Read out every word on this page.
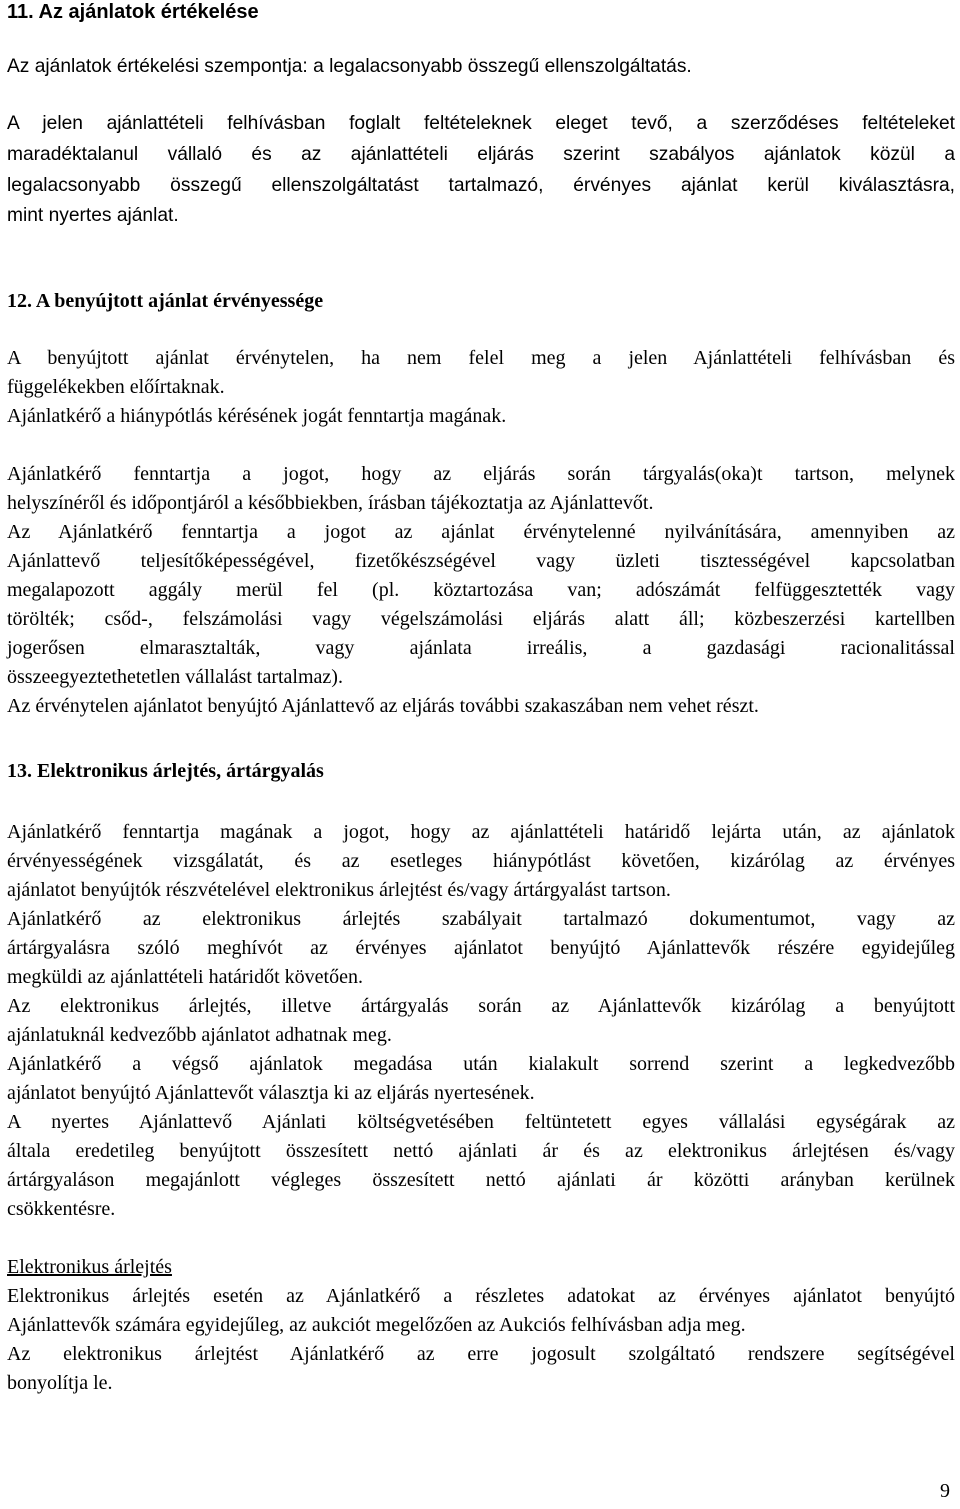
11. Az ajánlatok értékelése
Az ajánlatok értékelési szempontja: a legalacsonyabb összegű ellenszolgáltatás.
A jelen ajánlattételi felhívásban foglalt feltételeknek eleget tevő, a szerződéses feltételeket
maradéktalanul vállaló és az ajánlattételi eljárás szerint szabályos ajánlatok közül a
legalacsonyabb összegű ellenszolgáltatást tartalmazó, érvényes ajánlat kerül kiválasztásra,
mint nyertes ajánlat.
12. A benyújtott ajánlat érvényessége
A benyújtott ajánlat érvénytelen, ha nem felel meg a jelen Ajánlattételi felhívásban és
függelékekben előírtaknak.
Ajánlatkérő a hiánypótlás kérésének jogát fenntartja magának.
Ajánlatkérő fenntartja a jogot, hogy az eljárás során tárgyalás(oka)t tartson, melynek
helyszínéről és időpontjáról a későbbiekben, írásban tájékoztatja az Ajánlattevőt.
Az Ajánlatkérő fenntartja a jogot az ajánlat érvénytelenné nyilvánítására, amennyiben az
Ajánlattevő teljesítőképességével, fizetőkészségével vagy üzleti tisztességével kapcsolatban
megalapozott aggály merül fel (pl. köztartozása van; adószámát felfüggesztették vagy
törölték; csőd-, felszámolási vagy végelszámolási eljárás alatt áll; közbeszerzési kartellben
jogerősen elmarasztalták, vagy ajánlata irreális, a gazdasági racionalitással
összeegyeztethetetlen vállalást tartalmaz).
Az érvénytelen ajánlatot benyújtó Ajánlattevő az eljárás további szakaszában nem vehet részt.
13. Elektronikus árlejtés, ártárgyalás
Ajánlatkérő fenntartja magának a jogot, hogy az ajánlattételi határidő lejárta után, az ajánlatok
érvényességének vizsgálatát, és az esetleges hiánypótlást követően, kizárólag az érvényes
ajánlatot benyújtók részvételével elektronikus árlejtést és/vagy ártárgyalást tartson.
Ajánlatkérő az elektronikus árlejtés szabályait tartalmazó dokumentumot, vagy az
ártárgyalásra szóló meghívót az érvényes ajánlatot benyújtó Ajánlattevők részére egyidejűleg
megküldi az ajánlattételi határidőt követően.
Az elektronikus árlejtés, illetve ártárgyalás során az Ajánlattevők kizárólag a benyújtott
ajánlatuknál kedvezőbb ajánlatot adhatnak meg.
Ajánlatkérő a végső ajánlatok megadása után kialakult sorrend szerint a legkedvezőbb
ajánlatot benyújtó Ajánlattevőt választja ki az eljárás nyertesének.
A nyertes Ajánlattevő Ajánlati költségvetésében feltüntetett egyes vállalási egységárak az
általa eredetileg benyújtott összesített nettó ajánlati ár és az elektronikus árlejtésen és/vagy
ártárgyaláson megajánlott végleges összesített nettó ajánlati ár közötti arányban kerülnek
csökkentésre.
Elektronikus árlejtés
Elektronikus árlejtés esetén az Ajánlatkérő a részletes adatokat az érvényes ajánlatot benyújtó
Ajánlattevők számára egyidejűleg, az aukciót megelőzően az Aukciós felhívásban adja meg.
Az elektronikus árlejtést Ajánlatkérő az erre jogosult szolgáltató rendszere segítségével
bonyolítja le.
9
